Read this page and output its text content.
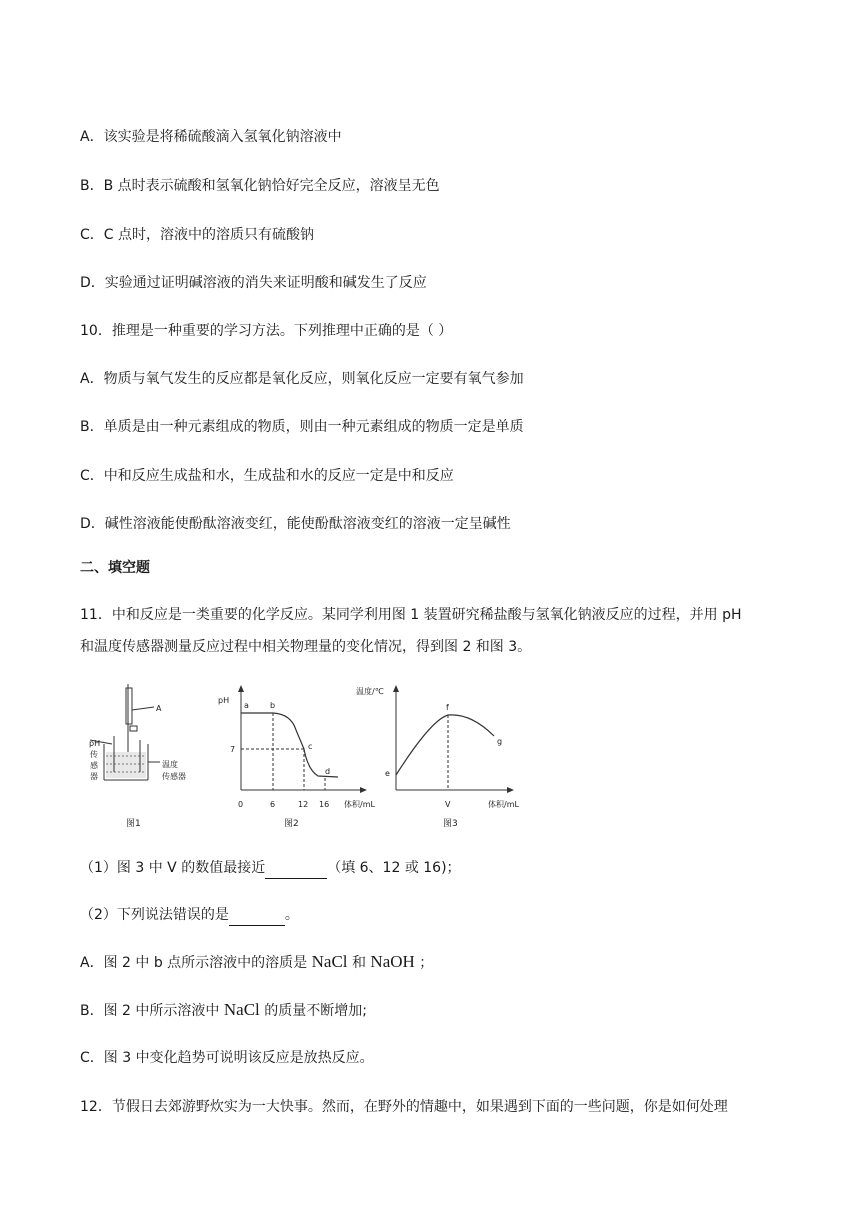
A．该实验是将稀硫酸滴入氢氧化钠溶液中
B．B 点时表示硫酸和氢氧化钠恰好完全反应，溶液呈无色
C．C 点时，溶液中的溶质只有硫酸钠
D．实验通过证明碱溶液的消失来证明酸和碱发生了反应
10．推理是一种重要的学习方法。下列推理中正确的是（ ）
A．物质与氧气发生的反应都是氧化反应，则氧化反应一定要有氧气参加
B．单质是由一种元素组成的物质，则由一种元素组成的物质一定是单质
C．中和反应生成盐和水，生成盐和水的反应一定是中和反应
D．碱性溶液能使酚酞溶液变红，能使酚酞溶液变红的溶液一定呈碱性
二、填空题
11．中和反应是一类重要的化学反应。某同学利用图 1 装置研究稀盐酸与氢氧化钠液反应的过程，并用 pH
和温度传感器测量反应过程中相关物理量的变化情况，得到图 2 和图 3。
A
pH
传
感
器
温度
传感器
图1
pH
体积/mL
7
a	b
c
d
0	6	12 16
图2
温度/℃
体积/mL
e
f
g
V
图3
（1）图 3 中 V 的数值最接近	（填 6、12 或 16)；
（2）下列说法错误的是	。
A．图 2 中 b 点所示溶液中的溶质是 NaCl 和 NaOH ；
B．图 2 中所示溶液中 NaCl 的质量不断增加;
C．图 3 中变化趋势可说明该反应是放热反应。
12．节假日去郊游野炊实为一大快事。然而，在野外的情趣中，如果遇到下面的一些问题，你是如何处理
